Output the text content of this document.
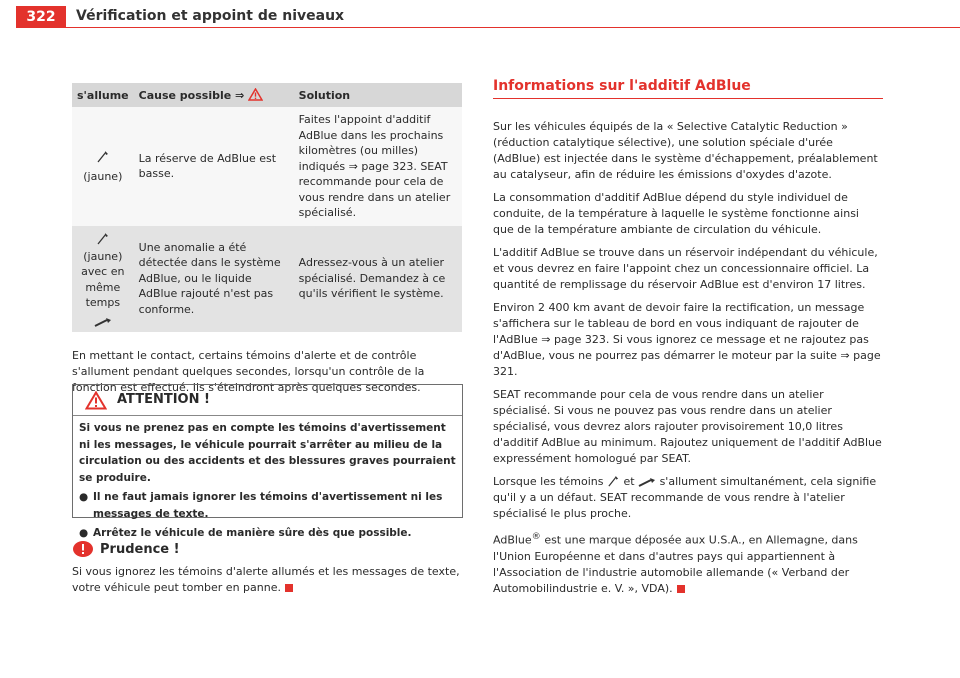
322	Vérification et appoint de niveaux
s'allume	Cause possible ⇒	Solution

(jaune)	La réserve de AdBlue est basse.	Faites l'appoint d'additif AdBlue dans les prochains kilomètres (ou milles) indiqués ⇒ page 323. SEAT recommande pour cela de vous rendre dans un atelier spécialisé.

(jaune) avec en même temps	Une anomalie a été détectée dans le système AdBlue, ou le liquide AdBlue rajouté n'est pas conforme.	Adressez-vous à un atelier spécialisé. Demandez à ce qu'ils vérifient le système.

En mettant le contact, certains témoins d'alerte et de contrôle s'allument pendant quelques secondes, lorsqu'un contrôle de la fonction est effectué. Ils s'éteindront après quelques secondes.

ATTENTION !
Si vous ne prenez pas en compte les témoins d'avertissement ni les messages, le véhicule pourrait s'arrêter au milieu de la circulation ou des accidents et des blessures graves pourraient se produire.
● Il ne faut jamais ignorer les témoins d'avertissement ni les messages de texte.
● Arrêtez le véhicule de manière sûre dès que possible.
Prudence !

Si vous ignorez les témoins d'alerte allumés et les messages de texte, votre véhicule peut tomber en panne.

Informations sur l'additif AdBlue

Sur les véhicules équipés de la « Selective Catalytic Reduction » (réduction catalytique sélective), une solution spéciale d'urée (AdBlue) est injectée dans le système d'échappement, préalablement au catalyseur, afin de réduire les émissions d'oxydes d'azote.

La consommation d'additif AdBlue dépend du style individuel de conduite, de la température à laquelle le système fonctionne ainsi que de la température ambiante de circulation du véhicule.

L'additif AdBlue se trouve dans un réservoir indépendant du véhicule, et vous devrez en faire l'appoint chez un concessionnaire officiel. La quantité de remplissage du réservoir AdBlue est d'environ 17 litres.

Environ 2 400 km avant de devoir faire la rectification, un message s'affichera sur le tableau de bord en vous indiquant de rajouter de l'AdBlue ⇒ page 323. Si vous ignorez ce message et ne rajoutez pas d'AdBlue, vous ne pourrez pas démarrer le moteur par la suite ⇒ page 321.

SEAT recommande pour cela de vous rendre dans un atelier spécialisé. Si vous ne pouvez pas vous rendre dans un atelier spécialisé, vous devrez alors rajouter provisoirement 10,0 litres d'additif AdBlue au minimum. Rajoutez uniquement de l'additif AdBlue expressément homologué par SEAT.

Lorsque les témoins et s'allument simultanément, cela signifie qu'il y a un défaut. SEAT recommande de vous rendre à l'atelier spécialisé le plus proche.

AdBlue® est une marque déposée aux U.S.A., en Allemagne, dans l'Union Européenne et dans d'autres pays qui appartiennent à l'Association de l'industrie automobile allemande (« Verband der Automobilindustrie e. V. », VDA).
